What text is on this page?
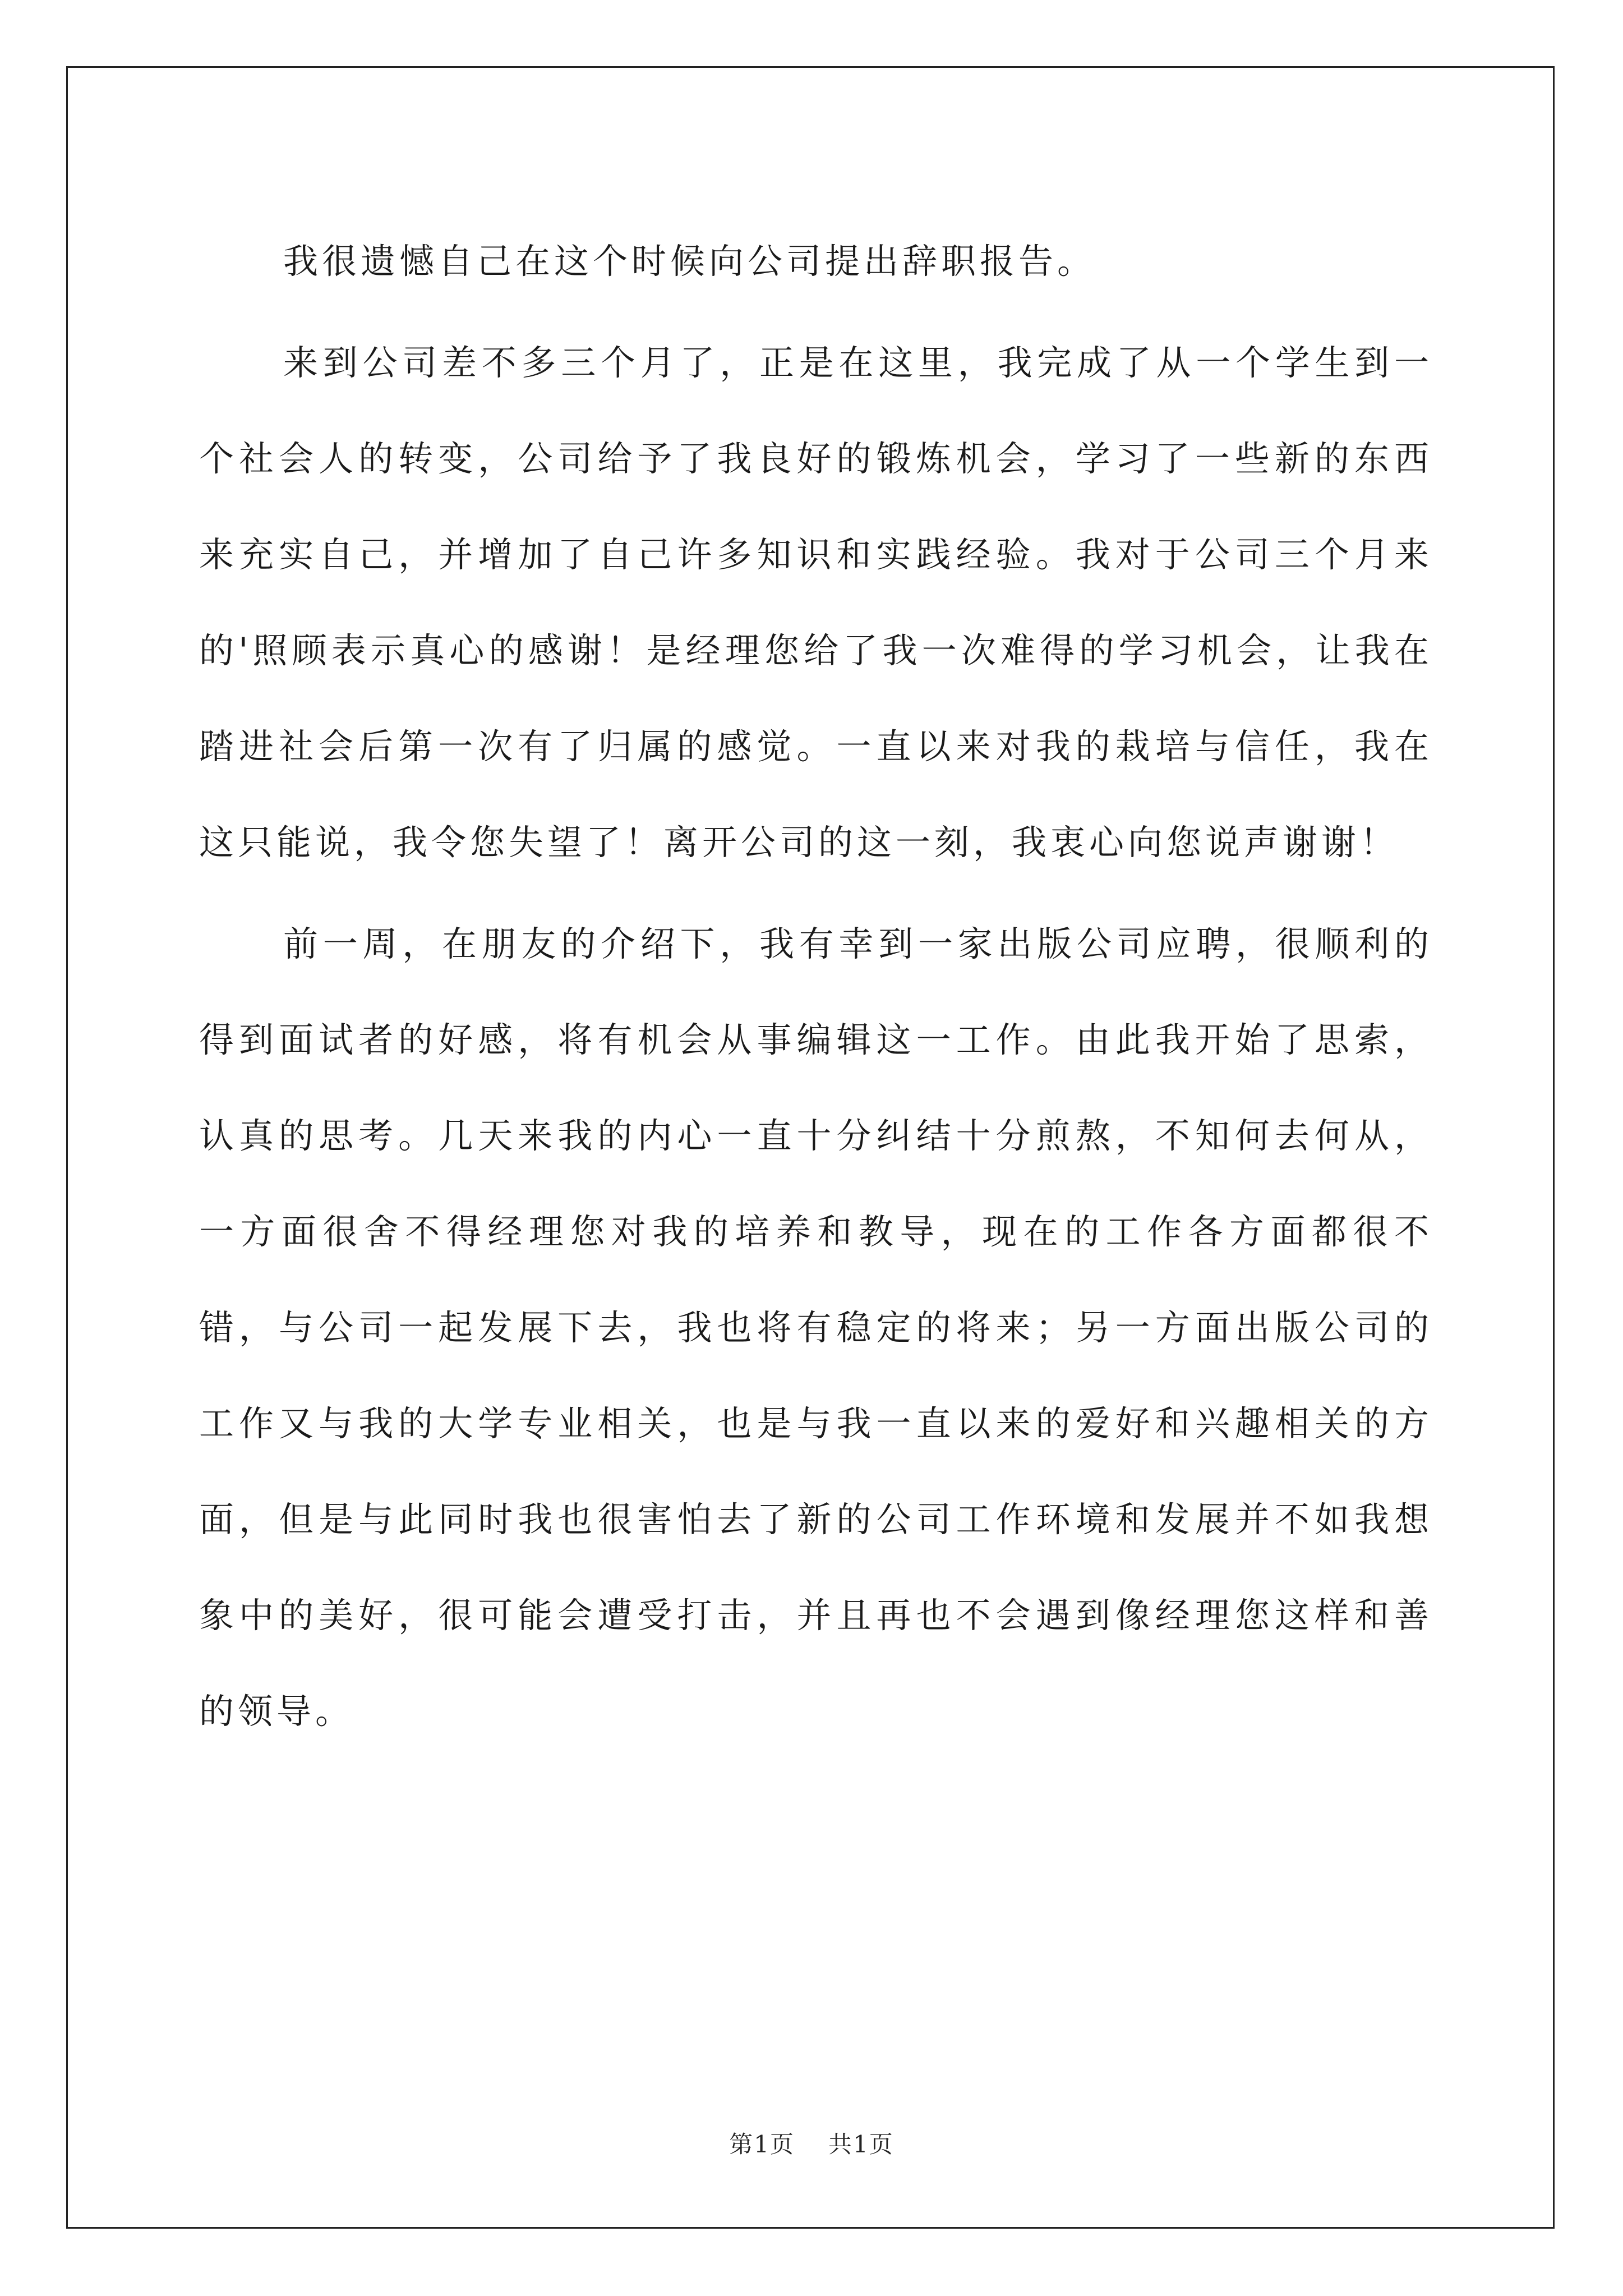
我很遗憾自己在这个时候向公司提出辞职报告。

来到公司差不多三个月了，正是在这里，我完成了从一个学生到一个社会人的转变，公司给予了我良好的锻炼机会，学习了一些新的东西来充实自己，并增加了自己许多知识和实践经验。我对于公司三个月来的'照顾表示真心的感谢！是经理您给了我一次难得的学习机会，让我在踏进社会后第一次有了归属的感觉。一直以来对我的栽培与信任，我在这只能说，我令您失望了！离开公司的这一刻，我衷心向您说声谢谢！

前一周，在朋友的介绍下，我有幸到一家出版公司应聘，很顺利的得到面试者的好感，将有机会从事编辑这一工作。由此我开始了思索，认真的思考。几天来我的内心一直十分纠结十分煎熬，不知何去何从，一方面很舍不得经理您对我的培养和教导，现在的工作各方面都很不错，与公司一起发展下去，我也将有稳定的将来；另一方面出版公司的工作又与我的大学专业相关，也是与我一直以来的爱好和兴趣相关的方面，但是与此同时我也很害怕去了新的公司工作环境和发展并不如我想象中的美好，很可能会遭受打击，并且再也不会遇到像经理您这样和善的领导。

第1页 共1页
